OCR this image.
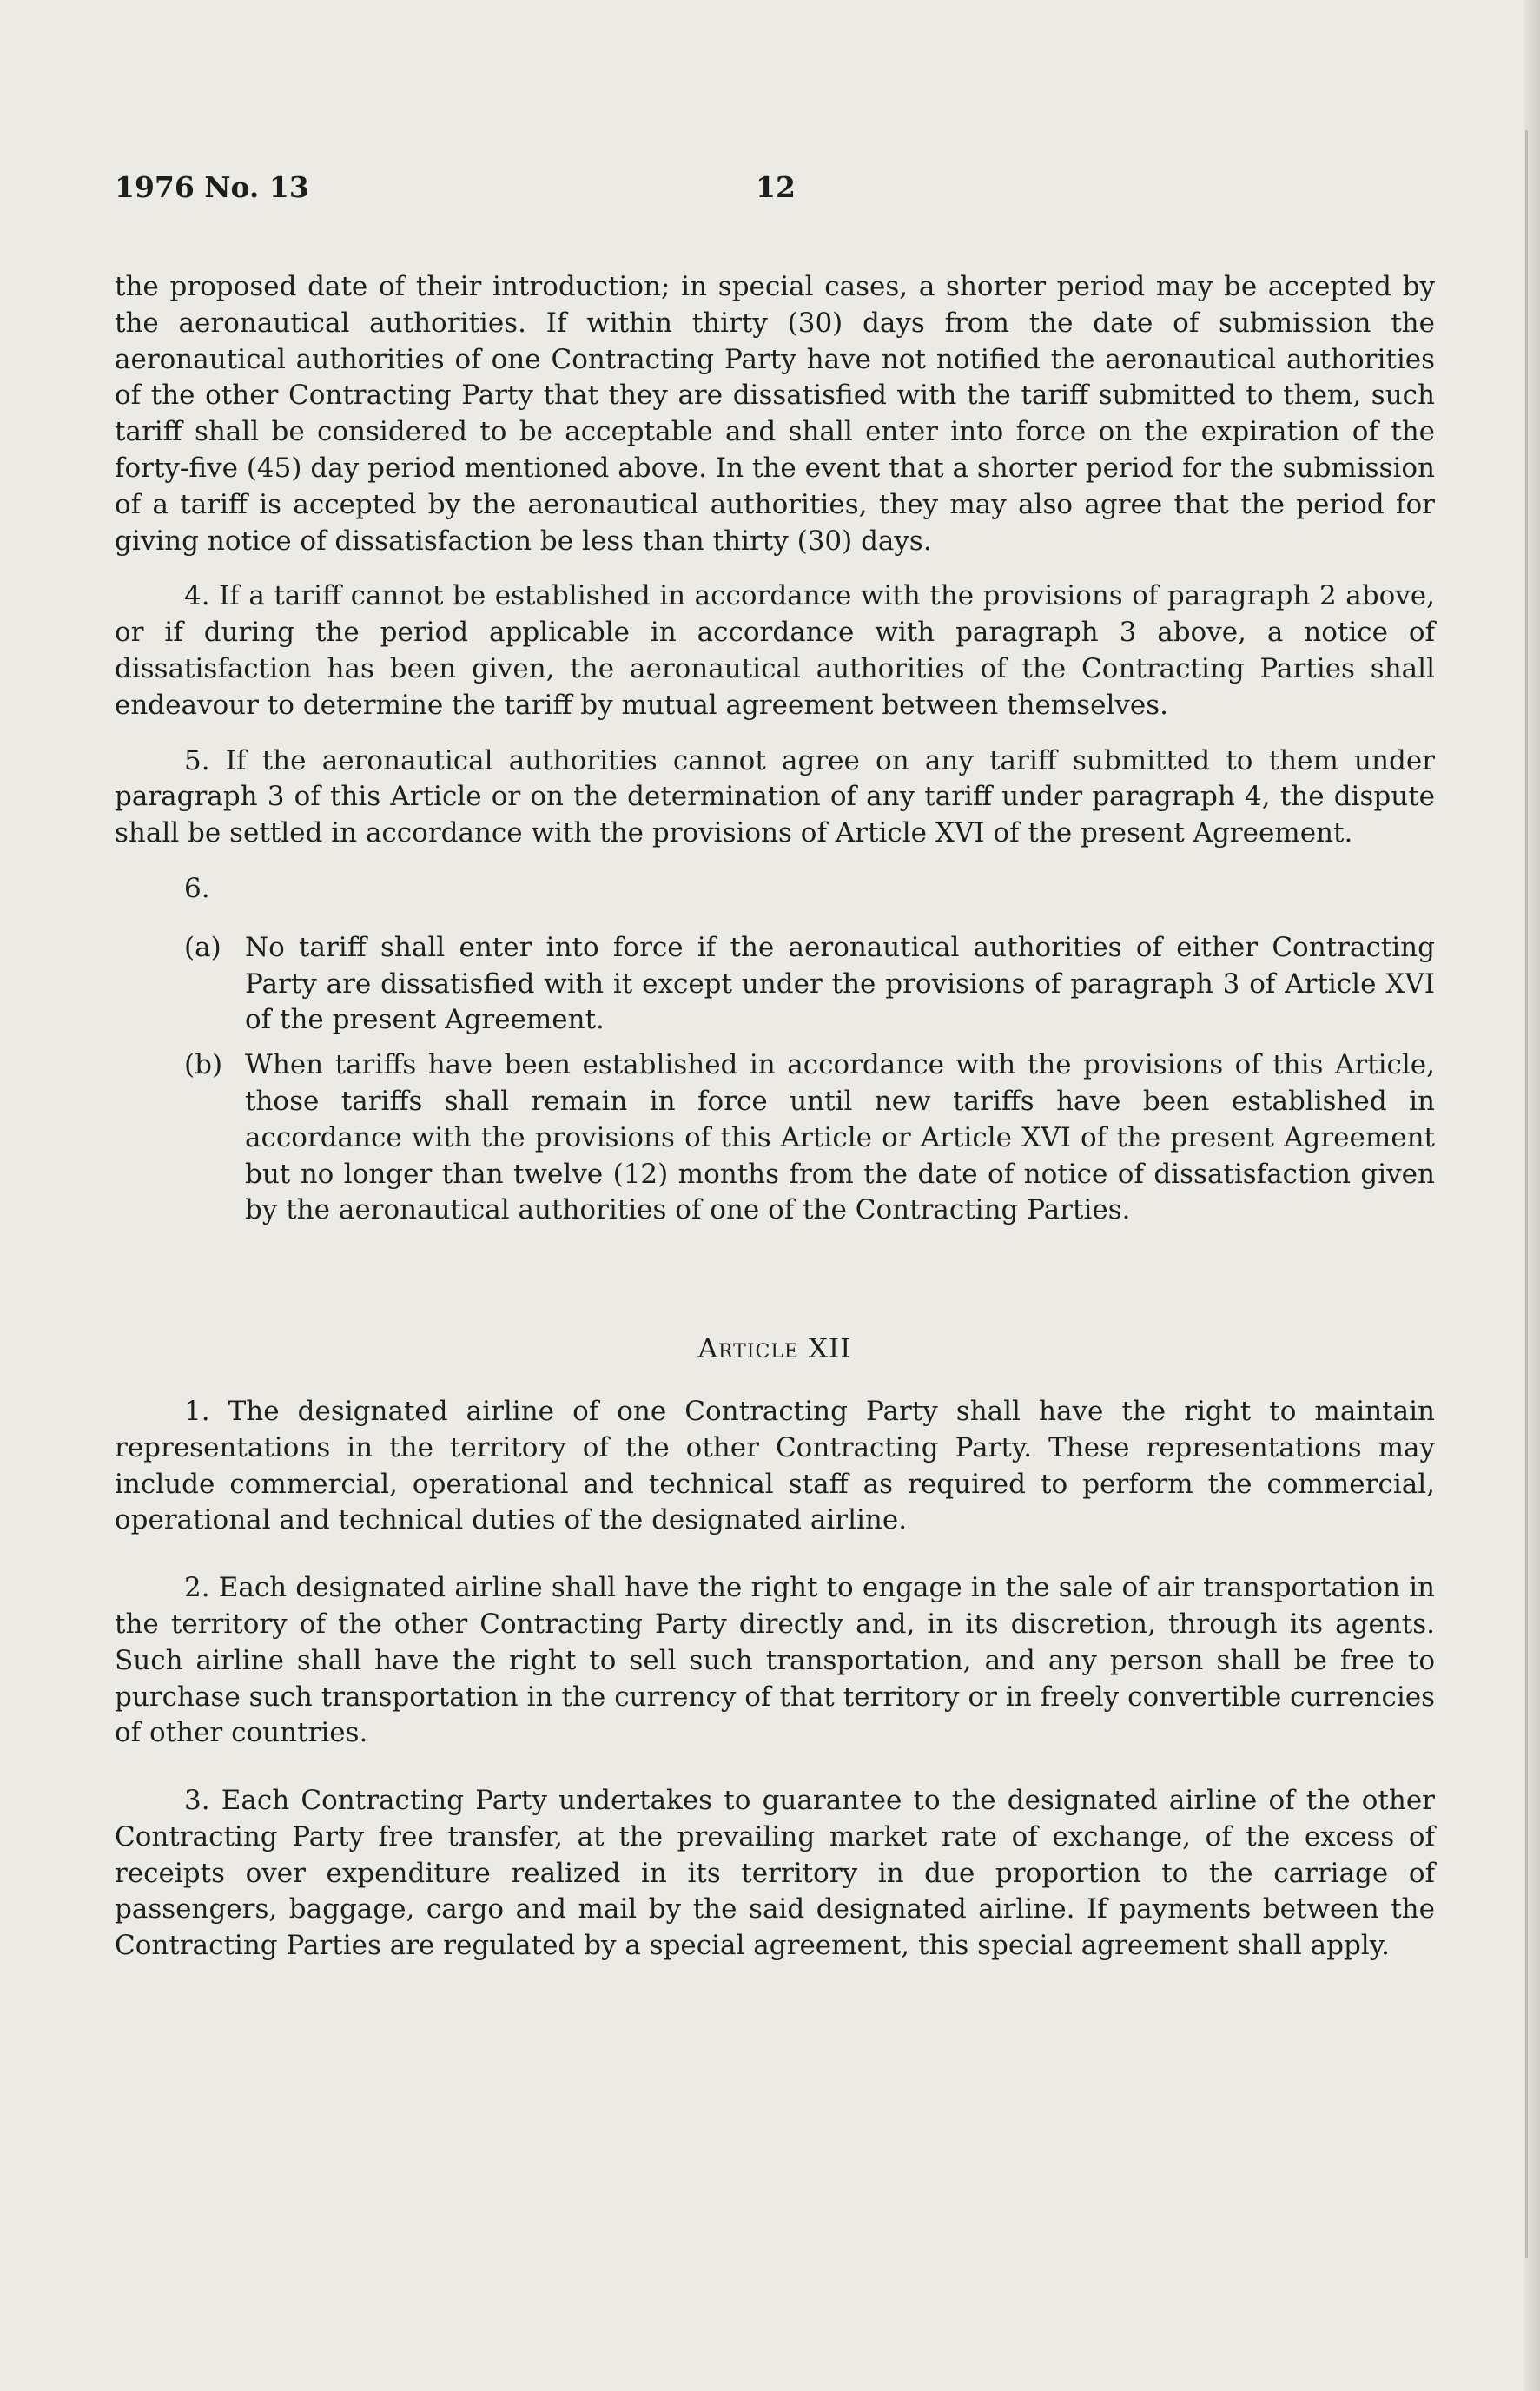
1976 No. 13	12

the proposed date of their introduction; in special cases, a shorter period may be accepted by the aeronautical authorities. If within thirty (30) days from the date of submission the aeronautical authorities of one Contracting Party have not notified the aeronautical authorities of the other Contracting Party that they are dissatisfied with the tariff submitted to them, such tariff shall be considered to be acceptable and shall enter into force on the expiration of the forty-five (45) day period mentioned above. In the event that a shorter period for the submission of a tariff is accepted by the aeronautical authorities, they may also agree that the period for giving notice of dissatisfaction be less than thirty (30) days.

4. If a tariff cannot be established in accordance with the provisions of paragraph 2 above, or if during the period applicable in accordance with paragraph 3 above, a notice of dissatisfaction has been given, the aeronautical authorities of the Contracting Parties shall endeavour to determine the tariff by mutual agreement between themselves.

5. If the aeronautical authorities cannot agree on any tariff submitted to them under paragraph 3 of this Article or on the determination of any tariff under paragraph 4, the dispute shall be settled in accordance with the provisions of Article XVI of the present Agreement.

6.

(a) No tariff shall enter into force if the aeronautical authorities of either Contracting Party are dissatisfied with it except under the provisions of paragraph 3 of Article XVI of the present Agreement.
(b) When tariffs have been established in accordance with the provisions of this Article, those tariffs shall remain in force until new tariffs have been established in accordance with the provisions of this Article or Article XVI of the present Agreement but no longer than twelve (12) months from the date of notice of dissatisfaction given by the aeronautical authorities of one of the Contracting Parties.

Article XII

1. The designated airline of one Contracting Party shall have the right to maintain representations in the territory of the other Contracting Party. These representations may include commercial, operational and technical staff as required to perform the commercial, operational and technical duties of the designated airline.

2. Each designated airline shall have the right to engage in the sale of air transportation in the territory of the other Contracting Party directly and, in its discretion, through its agents. Such airline shall have the right to sell such transportation, and any person shall be free to purchase such transportation in the currency of that territory or in freely convertible currencies of other countries.

3. Each Contracting Party undertakes to guarantee to the designated airline of the other Contracting Party free transfer, at the prevailing market rate of exchange, of the excess of receipts over expenditure realized in its territory in due proportion to the carriage of passengers, baggage, cargo and mail by the said designated airline. If payments between the Contracting Parties are regulated by a special agreement, this special agreement shall apply.
